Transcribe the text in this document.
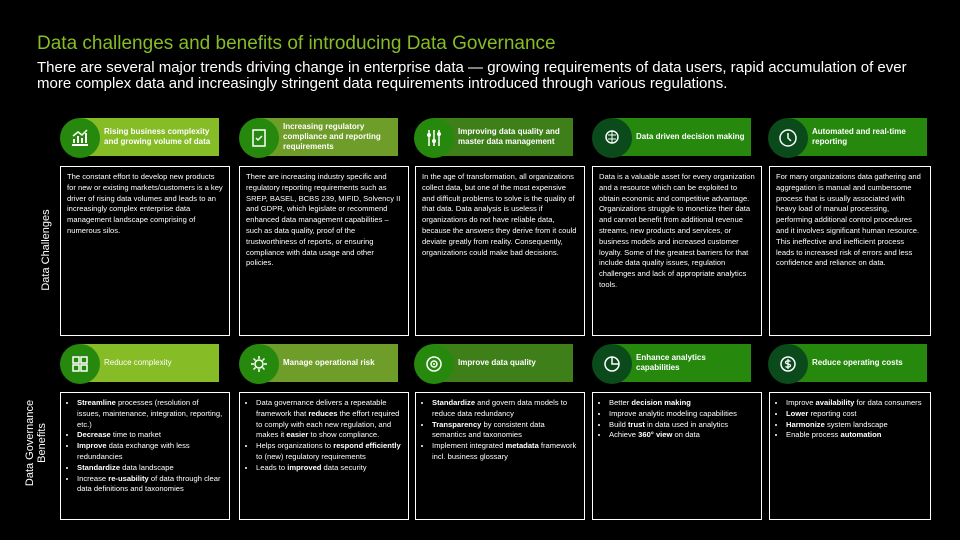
Data challenges and benefits of introducing Data Governance
There are several major trends driving change in enterprise data — growing requirements of data users, rapid accumulation of ever more complex data and increasingly stringent data requirements introduced through various regulations.
Data Challenges
Data Governance Benefits
Rising business complexity and growing volume of data
Increasing regulatory compliance and reporting requirements
Improving data quality and master data management
Data driven decision making
Automated and real-time reporting
The constant effort to develop new products for new or existing markets/customers is a key driver of rising data volumes and leads to an increasingly complex enterprise data management landscape comprising of numerous silos.
There are increasing industry specific and regulatory reporting requirements such as SREP, BASEL, BCBS 239, MIFID, Solvency II and GDPR, which legislate or recommend enhanced data management capabilities – such as data quality, proof of the trustworthiness of reports, or ensuring compliance with data usage and other policies.
In the age of transformation, all organizations collect data, but one of the most expensive and difficult problems to solve is the quality of that data. Data analysis is useless if organizations do not have reliable data, because the answers they derive from it could deviate greatly from reality. Consequently, organizations could make bad decisions.
Data is a valuable asset for every organization and a resource which can be exploited to obtain economic and competitive advantage. Organizations struggle to monetize their data and cannot benefit from additional revenue streams, new products and services, or business models and increased customer loyalty. Some of the greatest barriers for that include data quality issues, regulation challenges and lack of appropriate analytics tools.
For many organizations data gathering and aggregation is manual and cumbersome process that is usually associated with heavy load of manual processing, performing additional control procedures and it involves significant human resource. This ineffective and inefficient process leads to increased risk of errors and less confidence and reliance on data.
Reduce complexity	Manage operational risk	Improve data quality
Enhance analytics capabilities
Reduce operating costs
• Streamline processes (resolution of issues, maintenance, integration, reporting, etc.)
• Decrease time to market
• Improve data exchange with less redundancies
• Standardize data landscape
• Increase re-usability of data through clear data definitions and taxonomies
• Data governance delivers a repeatable framework that reduces the effort required to comply with each new regulation, and makes it easier to show compliance.
• Helps organizations to respond efficiently to (new) regulatory requirements
• Leads to improved data security
• Standardize and govern data models to reduce data redundancy
• Transparency by consistent data semantics and taxonomies
• Implement integrated metadata framework incl. business glossary
• Better decision making
• Improve analytic modeling capabilities
• Build trust in data used in analytics
• Achieve 360° view on data
• Improve availability for data consumers
• Lower reporting cost
• Harmonize system landscape
• Enable process automation
